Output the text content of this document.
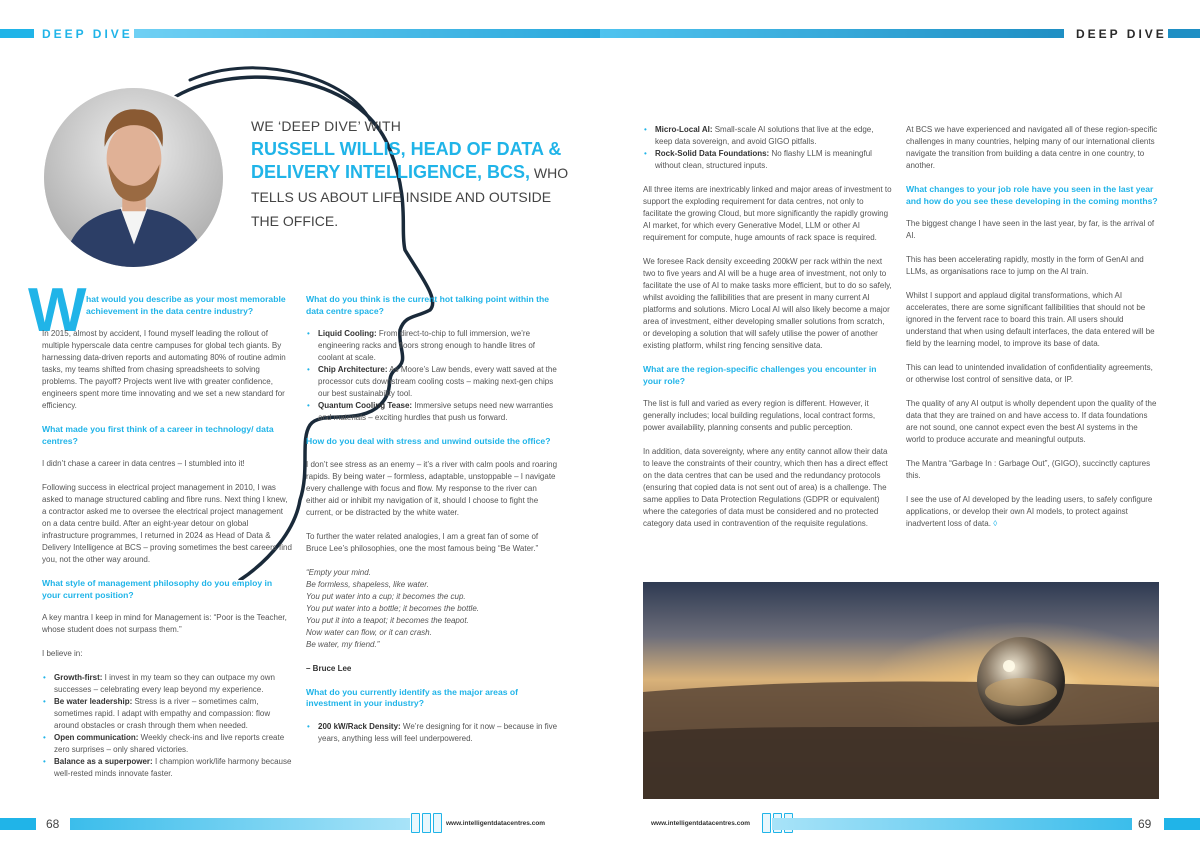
DEEP DIVE	DEEP DIVE
WE ‘DEEP DIVE’ WITH
RUSSELL WILLIS, HEAD OF DATA & DELIVERY INTELLIGENCE, BCS, WHO TELLS US ABOUT LIFE INSIDE AND OUTSIDE THE OFFICE.
W hat would you describe as your most memorable achievement in the data centre industry?

In 2015, almost by accident, I found myself leading the rollout of multiple hyperscale data centre campuses for global tech giants. By harnessing data-driven reports and automating 80% of routine admin tasks, my teams shifted from chasing spreadsheets to solving problems. The payoff? Projects went live with greater confidence, engineers spent more time innovating and we set a new standard for efficiency.

What made you first think of a career in technology/ data centres?

I didn’t chase a career in data centres – I stumbled into it!

Following success in electrical project management in 2010, I was asked to manage structured cabling and fibre runs. Next thing I knew, a contractor asked me to oversee the electrical project management on a data centre build. After an eight-year detour on global infrastructure programmes, I returned in 2024 as Head of Data & Delivery Intelligence at BCS – proving sometimes the best careers find you, not the other way around.

What style of management philosophy do you employ in your current position?

A key mantra I keep in mind for Management is: “Poor is the Teacher, whose student does not surpass them.”

I believe in:

• Growth-first: I invest in my team so they can outpace my own successes – celebrating every leap beyond my experience.
• Be water leadership: Stress is a river – sometimes calm, sometimes rapid. I adapt with empathy and compassion: flow around obstacles or crash through them when needed.
• Open communication: Weekly check-ins and live reports create zero surprises – only shared victories.
• Balance as a superpower: I champion work/life harmony because well-rested minds innovate faster.
What do you think is the current hot talking point within the data centre space?
• Liquid Cooling: From direct-to-chip to full immersion, we’re engineering racks and floors strong enough to handle litres of coolant at scale.
• Chip Architecture: As Moore’s Law bends, every watt saved at the processor cuts downstream cooling costs – making next-gen chips our best sustainability tool.
• Quantum Cooling Tease: Immersive setups need new warranties and materials – exciting hurdles that push us forward.
How do you deal with stress and unwind outside the office?

I don’t see stress as an enemy – it’s a river with calm pools and roaring rapids. By being water – formless, adaptable, unstoppable – I navigate every challenge with focus and flow. My response to the river can either aid or inhibit my navigation of it, should I choose to fight the current, or be distracted by the white water.

To further the water related analogies, I am a great fan of some of Bruce Lee’s philosophies, one the most famous being “Be Water.”

“Empty your mind.
Be formless, shapeless, like water.
You put water into a cup; it becomes the cup.
You put water into a bottle; it becomes the bottle.
You put it into a teapot; it becomes the teapot.
Now water can flow, or it can crash.
Be water, my friend.”

– Bruce Lee

What do you currently identify as the major areas of investment in your industry?
• 200 kW/Rack Density: We’re designing for it now – because in five years, anything less will feel underpowered.
• Micro-Local AI: Small-scale AI solutions that live at the edge, keep data sovereign, and avoid GIGO pitfalls.
• Rock-Solid Data Foundations: No flashy LLM is meaningful without clean, structured inputs.

All three items are inextricably linked and major areas of investment to support the exploding requirement for data centres, not only to facilitate the growing Cloud, but more significantly the rapidly growing AI market, for which every Generative Model, LLM or other AI requirement for compute, huge amounts of rack space is required.

We foresee Rack density exceeding 200kW per rack within the next two to five years and AI will be a huge area of investment, not only to facilitate the use of AI to make tasks more efficient, but to do so safely, whilst avoiding the fallibilities that are present in many current AI platforms and solutions. Micro Local AI will also likely become a major area of investment, either developing smaller solutions from scratch, or developing a solution that will safely utilise the power of another existing platform, whilst ring fencing sensitive data.

What are the region-specific challenges you encounter in your role?

The list is full and varied as every region is different. However, it generally includes; local building regulations, local contract forms, power availability, planning consents and public perception.

In addition, data sovereignty, where any entity cannot allow their data to leave the constraints of their country, which then has a direct effect on the data centres that can be used and the redundancy protocols (ensuring that copied data is not sent out of area) is a challenge. The same applies to Data Protection Regulations (GDPR or equivalent) where the categories of data must be considered and no protected category data used in contravention of the requisite regulations.

At BCS we have experienced and navigated all of these region-specific challenges in many countries, helping many of our international clients navigate the transition from building a data centre in one country, to another.

What changes to your job role have you seen in the last year and how do you see these developing in the coming months?

The biggest change I have seen in the last year, by far, is the arrival of AI.

This has been accelerating rapidly, mostly in the form of GenAI and LLMs, as organisations race to jump on the AI train.

Whilst I support and applaud digital transformations, which AI accelerates, there are some significant fallibilities that should not be ignored in the fervent race to board this train. All users should understand that when using default interfaces, the data entered will be field by the learning model, to improve its base of data.

This can lead to unintended invalidation of confidentiality agreements, or otherwise lost control of sensitive data, or IP.

The quality of any AI output is wholly dependent upon the quality of the data that they are trained on and have access to. If data foundations are not sound, one cannot expect even the best AI systems in the world to produce accurate and meaningful outputs.

The Mantra “Garbage In : Garbage Out”, (GIGO), succinctly captures this.

I see the use of AI developed by the leading users, to safely configure applications, or develop their own AI models, to protect against inadvertent loss of data. ◊

68	www.intelligentdatacentres.com	www.intelligentdatacentres.com	69
